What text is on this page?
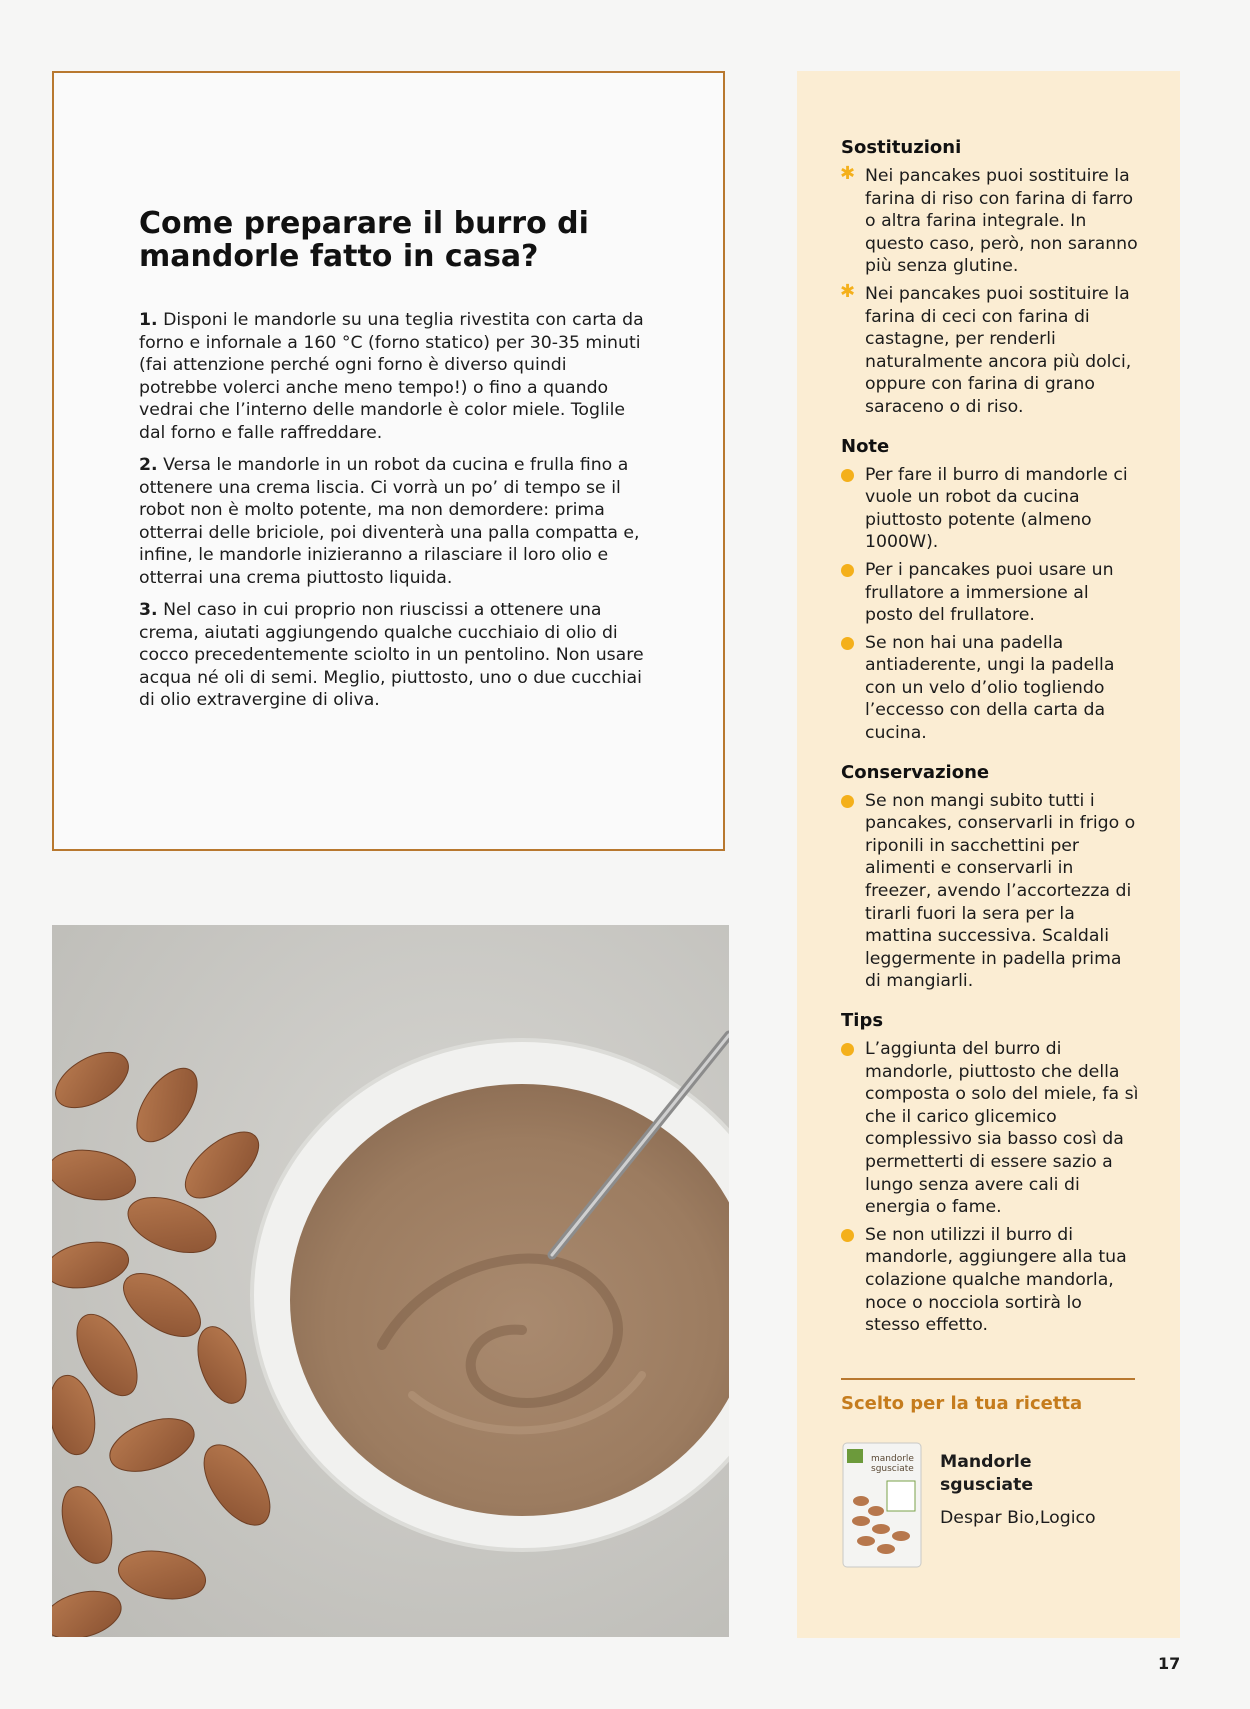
Come preparare il burro di mandorle fatto in casa?

1. Disponi le mandorle su una teglia rivestita con carta da forno e infornale a 160 °C (forno statico) per 30-35 minuti (fai attenzione perché ogni forno è diverso quindi potrebbe volerci anche meno tempo!) o fino a quando vedrai che l’interno delle mandorle è color miele. Toglile dal forno e falle raffreddare.

2. Versa le mandorle in un robot da cucina e frulla fino a ottenere una crema liscia. Ci vorrà un po’ di tempo se il robot non è molto potente, ma non demordere: prima otterrai delle briciole, poi diventerà una palla compatta e, infine, le mandorle inizieranno a rilasciare il loro olio e otterrai una crema piuttosto liquida.

3. Nel caso in cui proprio non riuscissi a ottenere una crema, aiutati aggiungendo qualche cucchiaio di olio di cocco precedentemente sciolto in un pentolino. Non usare acqua né oli di semi. Meglio, piuttosto, uno o due cucchiai di olio extravergine di oliva.

Sostituzioni
✱ Nei pancakes puoi sostituire la farina di riso con farina di farro o altra farina integrale. In questo caso, però, non saranno più senza glutine.
✱ Nei pancakes puoi sostituire la farina di ceci con farina di castagne, per renderli naturalmente ancora più dolci, oppure con farina di grano saraceno o di riso.
Note
Per fare il burro di mandorle ci vuole un robot da cucina piuttosto potente (almeno 1000W).
Per i pancakes puoi usare un frullatore a immersione al posto del frullatore.
Se non hai una padella antiaderente, ungi la padella con un velo d’olio togliendo l’eccesso con della carta da cucina.
Conservazione
Se non mangi subito tutti i pancakes, conservarli in frigo o riponili in sacchettini per alimenti e conservarli in freezer, avendo l’accortezza di tirarli fuori la sera per la mattina successiva. Scaldali leggermente in padella prima di mangiarli.
Tips
L’aggiunta del burro di mandorle, piuttosto che della composta o solo del miele, fa sì che il carico glicemico complessivo sia basso così da permetterti di essere sazio a lungo senza avere cali di energia o fame.
Se non utilizzi il burro di mandorle, aggiungere alla tua colazione qualche mandorla, noce o nocciola sortirà lo stesso effetto.
Scelto per la tua ricetta
mandorle
sgusciate Mandorle sgusciate
Despar Bio,Logico
17
